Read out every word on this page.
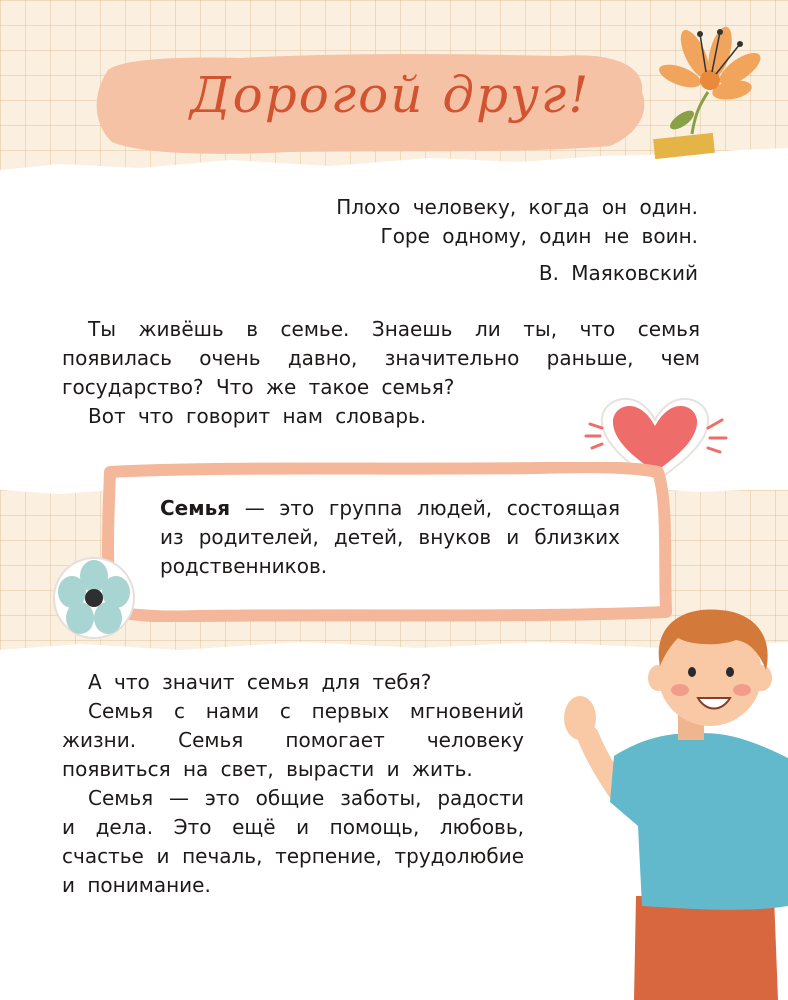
Дорогой друг!
Плохо человеку, когда он один.
Горе одному, один не воин.
В. Маяковский
Ты живёшь в семье. Знаешь ли ты, что семья появилась очень давно, значительно раньше, чем государство? Что же такое семья?
Вот что говорит нам словарь.
Семья — это группа людей, состоящая из родителей, детей, внуков и близких родственников.
А что значит семья для тебя?
Семья с нами с первых мгновений жизни. Семья помогает человеку появиться на свет, вырасти и жить.
Семья — это общие заботы, радости и дела. Это ещё и помощь, любовь, счастье и печаль, терпение, трудолюбие и понимание.
